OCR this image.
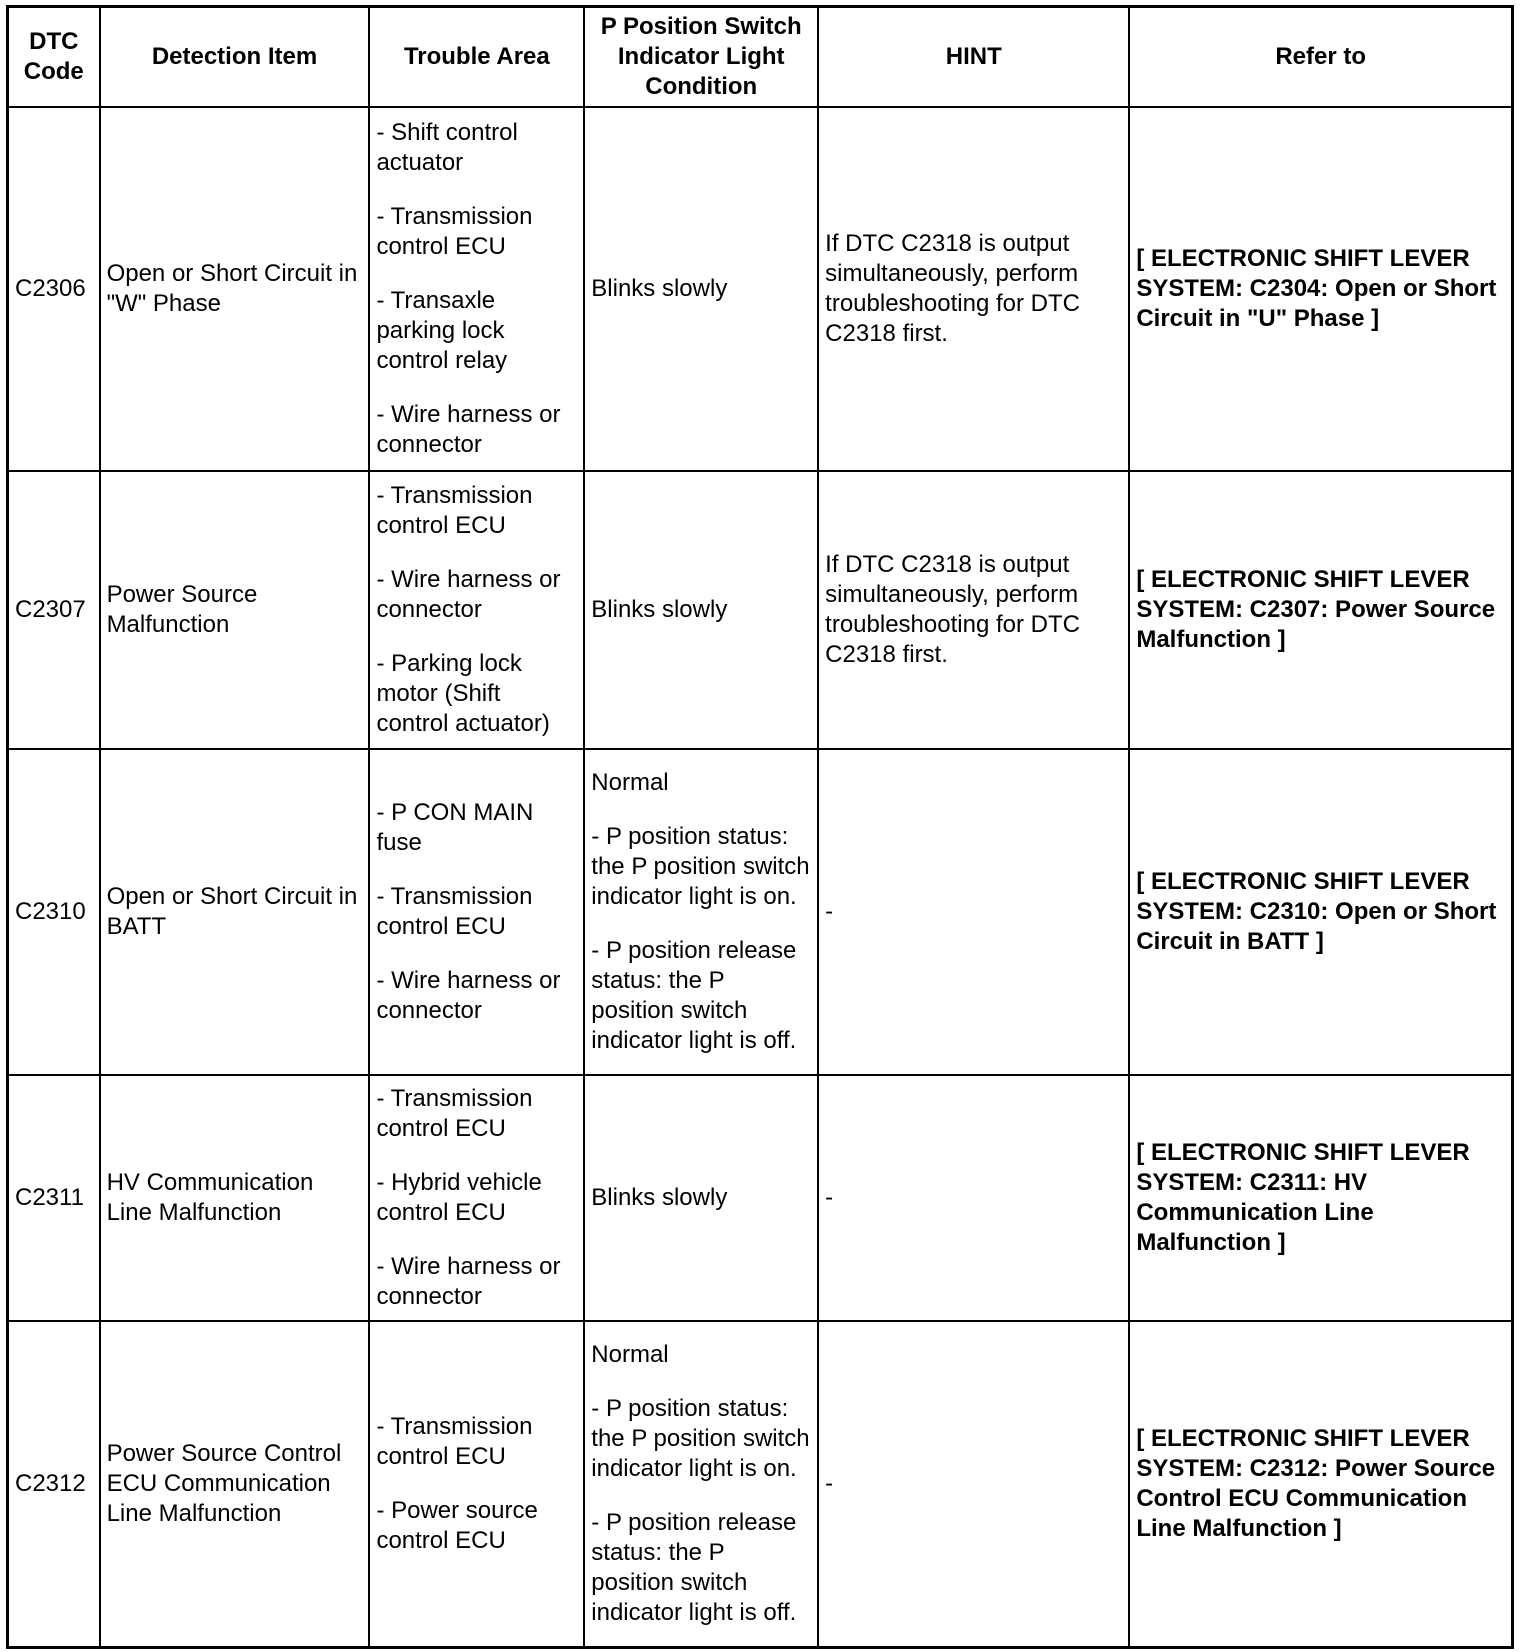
DTC Code	Detection Item	Trouble Area	P Position Switch Indicator Light Condition	HINT	Refer to
C2306	Open or Short Circuit in "W" Phase	- Shift control actuator
- Transmission control ECU
- Transaxle parking lock control relay
- Wire harness or connector	Blinks slowly	If DTC C2318 is output simultaneously, perform troubleshooting for DTC C2318 first.	[ ELECTRONIC SHIFT LEVER SYSTEM: C2304: Open or Short Circuit in "U" Phase ]
C2307	Power Source Malfunction	- Transmission control ECU
- Wire harness or connector
- Parking lock motor (Shift control actuator)	Blinks slowly	If DTC C2318 is output simultaneously, perform troubleshooting for DTC C2318 first.	[ ELECTRONIC SHIFT LEVER SYSTEM: C2307: Power Source Malfunction ]
C2310	Open or Short Circuit in BATT	- P CON MAIN fuse
- Transmission control ECU
- Wire harness or connector	Normal
- P position status: the P position switch indicator light is on.
- P position release status: the P position switch indicator light is off.	-	[ ELECTRONIC SHIFT LEVER SYSTEM: C2310: Open or Short Circuit in BATT ]
C2311	HV Communication Line Malfunction	- Transmission control ECU
- Hybrid vehicle control ECU
- Wire harness or connector	Blinks slowly	-	[ ELECTRONIC SHIFT LEVER SYSTEM: C2311: HV Communication Line Malfunction ]
C2312	Power Source Control ECU Communication Line Malfunction	- Transmission control ECU
- Power source control ECU	Normal
- P position status: the P position switch indicator light is on.
- P position release status: the P position switch indicator light is off.	-	[ ELECTRONIC SHIFT LEVER SYSTEM: C2312: Power Source Control ECU Communication Line Malfunction ]
